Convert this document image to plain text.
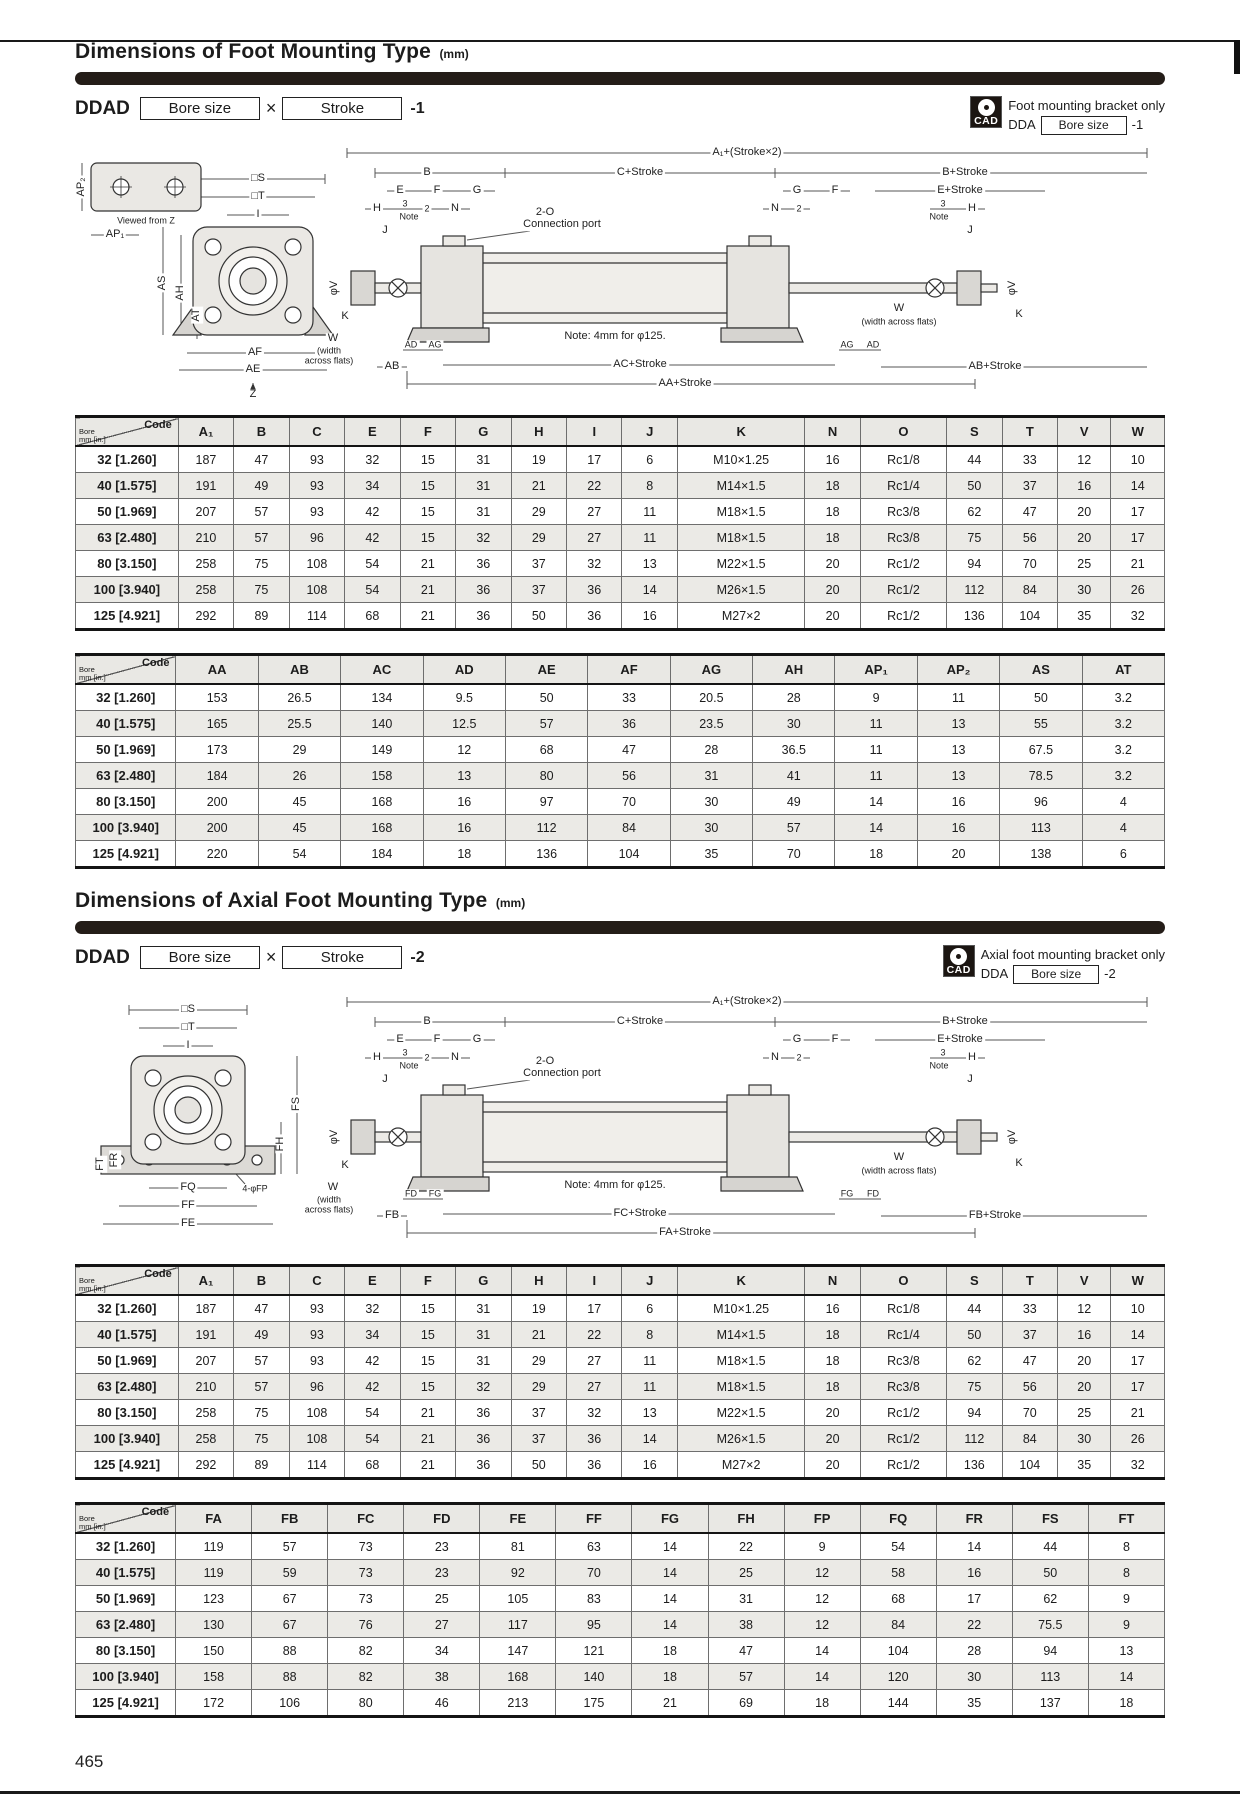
Dimensions of Foot Mounting Type (mm)
DDAD	Bore size	×	Stroke	-1
CAD
Foot mounting bracket only
DDA	Bore size	-1
A₁+(Stroke×2)
B	C+Stroke	B+Stroke
E	F	G	G	F	E+Stroke
H 3
Note
2 N	2-O
Connection port
N 2	3
Note
H
J	J
φV	φV
K	K
W
(width
across flats)
W
(width across flats)
Note: 4mm for φ125.
AD AG
AB	AC+Stroke
AG AD
AB+Stroke
AA+Stroke
AP₂
Viewed from Z
AP₁
□S
□T
I
AS
AH
AT
AF
AE
Z
Code
Bore
mm [in.]	A₁	B	C	E	F	G	H	I	J	K	N	O	S	T	V	W
32 [1.260]	187	47	93	32	15	31	19	17	6	M10×1.25	16	Rc1/8	44	33	12	10
40 [1.575]	191	49	93	34	15	31	21	22	8	M14×1.5	18	Rc1/4	50	37	16	14
50 [1.969]	207	57	93	42	15	31	29	27	11	M18×1.5	18	Rc3/8	62	47	20	17
63 [2.480]	210	57	96	42	15	32	29	27	11	M18×1.5	18	Rc3/8	75	56	20	17
80 [3.150]	258	75	108	54	21	36	37	32	13	M22×1.5	20	Rc1/2	94	70	25	21
100 [3.940]	258	75	108	54	21	36	37	36	14	M26×1.5	20	Rc1/2	112	84	30	26
125 [4.921]	292	89	114	68	21	36	50	36	16	M27×2	20	Rc1/2	136	104	35	32
Code
Bore
mm [in.]	AA	AB	AC	AD	AE	AF	AG	AH	AP₁	AP₂	AS	AT
32 [1.260]	153	26.5	134	9.5	50	33	20.5	28	9	11	50	3.2
40 [1.575]	165	25.5	140	12.5	57	36	23.5	30	11	13	55	3.2
50 [1.969]	173	29	149	12	68	47	28	36.5	11	13	67.5	3.2
63 [2.480]	184	26	158	13	80	56	31	41	11	13	78.5	3.2
80 [3.150]	200	45	168	16	97	70	30	49	14	16	96	4
100 [3.940]	200	45	168	16	112	84	30	57	14	16	113	4
125 [4.921]	220	54	184	18	136	104	35	70	18	20	138	6
Dimensions of Axial Foot Mounting Type (mm)
DDAD	Bore size	×	Stroke	-2
CAD
Axial foot mounting bracket only
DDA	Bore size	-2
A₁+(Stroke×2)
B	C+Stroke	B+Stroke
E	F	G	G	F	E+Stroke
H 3
Note
2 N	2-O
Connection port
N 2	3
Note
H
J	J
φV	φV
K	K
W
(width
across flats)
W
(width across flats)
Note: 4mm for φ125.
FD FG
FB	FC+Stroke
FG FD
FB+Stroke
FA+Stroke
□S
□T
I
FS
FH
FR
FT
FQ	4-φFP
FF
FE
Code
Bore
mm [in.]	A₁	B	C	E	F	G	H	I	J	K	N	O	S	T	V	W
32 [1.260]	187	47	93	32	15	31	19	17	6	M10×1.25	16	Rc1/8	44	33	12	10
40 [1.575]	191	49	93	34	15	31	21	22	8	M14×1.5	18	Rc1/4	50	37	16	14
50 [1.969]	207	57	93	42	15	31	29	27	11	M18×1.5	18	Rc3/8	62	47	20	17
63 [2.480]	210	57	96	42	15	32	29	27	11	M18×1.5	18	Rc3/8	75	56	20	17
80 [3.150]	258	75	108	54	21	36	37	32	13	M22×1.5	20	Rc1/2	94	70	25	21
100 [3.940]	258	75	108	54	21	36	37	36	14	M26×1.5	20	Rc1/2	112	84	30	26
125 [4.921]	292	89	114	68	21	36	50	36	16	M27×2	20	Rc1/2	136	104	35	32
Code
Bore
mm [in.]	FA	FB	FC	FD	FE	FF	FG	FH	FP	FQ	FR	FS	FT
32 [1.260]	119	57	73	23	81	63	14	22	9	54	14	44	8
40 [1.575]	119	59	73	23	92	70	14	25	12	58	16	50	8
50 [1.969]	123	67	73	25	105	83	14	31	12	68	17	62	9
63 [2.480]	130	67	76	27	117	95	14	38	12	84	22	75.5	9
80 [3.150]	150	88	82	34	147	121	18	47	14	104	28	94	13
100 [3.940]	158	88	82	38	168	140	18	57	14	120	30	113	14
125 [4.921]	172	106	80	46	213	175	21	69	18	144	35	137	18
465
